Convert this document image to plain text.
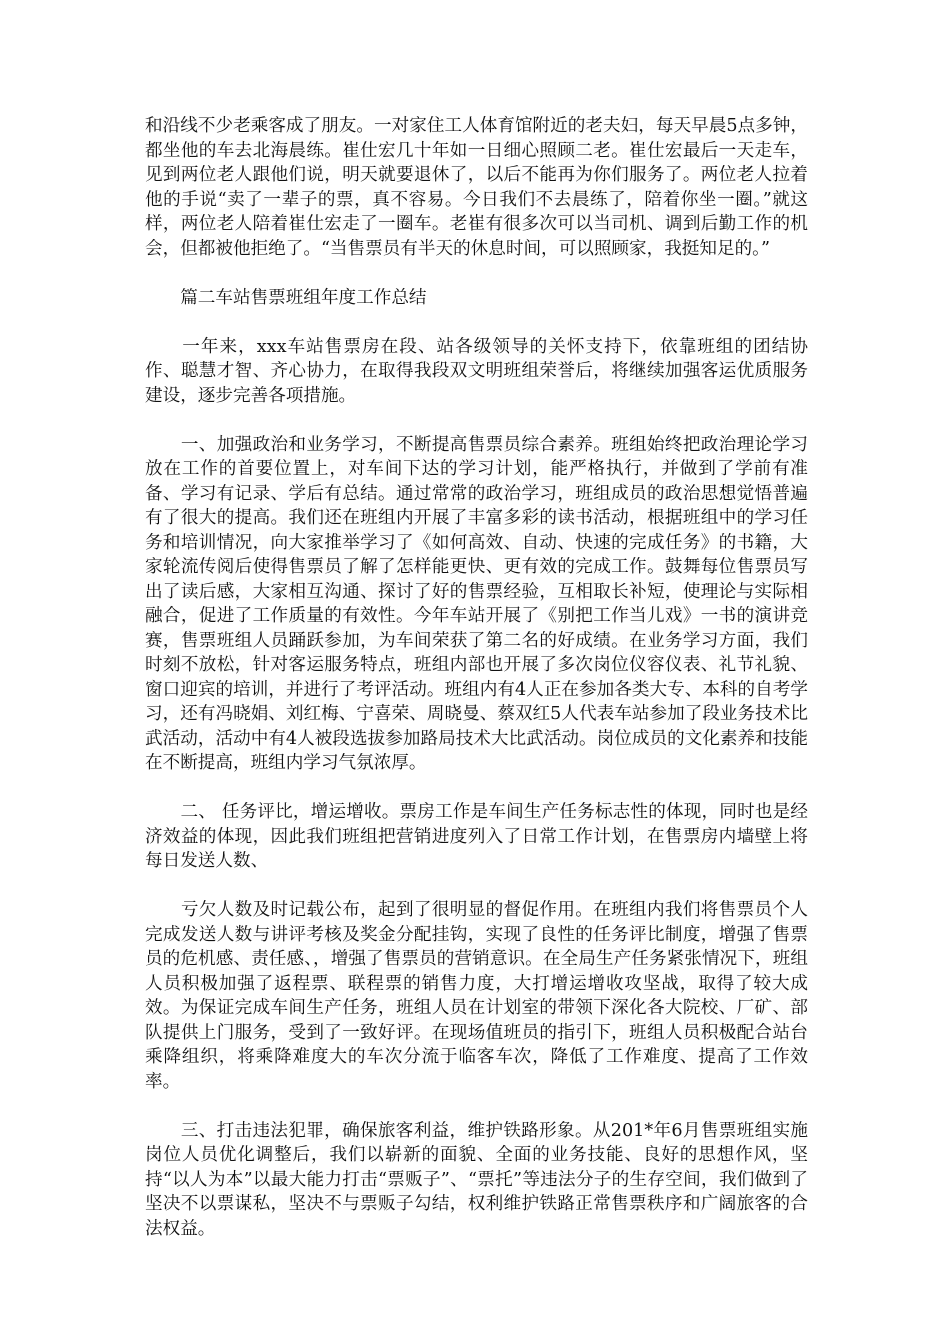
和沿线不少老乘客成了朋友。一对家住工人体育馆附近的老夫妇，每天早晨5点多钟，都坐他的车去北海晨练。崔仕宏几十年如一日细心照顾二老。崔仕宏最后一天走车，见到两位老人跟他们说，明天就要退休了，以后不能再为你们服务了。两位老人拉着他的手说“卖了一辈子的票，真不容易。今日我们不去晨练了，陪着你坐一圈。”就这样，两位老人陪着崔仕宏走了一圈车。老崔有很多次可以当司机、调到后勤工作的机会，但都被他拒绝了。“当售票员有半天的休息时间，可以照顾家，我挺知足的。”

　　篇二车站售票班组年度工作总结

　　一年来，xxx车站售票房在段、站各级领导的关怀支持下，依靠班组的团结协作、聪慧才智、齐心协力，在取得我段双文明班组荣誉后，将继续加强客运优质服务建设，逐步完善各项措施。

　　一、加强政治和业务学习，不断提高售票员综合素养。班组始终把政治理论学习放在工作的首要位置上，对车间下达的学习计划，能严格执行，并做到了学前有准备、学习有记录、学后有总结。通过常常的政治学习，班组成员的政治思想觉悟普遍有了很大的提高。我们还在班组内开展了丰富多彩的读书活动，根据班组中的学习任务和培训情况，向大家推举学习了《如何高效、自动、快速的完成任务》的书籍，大家轮流传阅后使得售票员了解了怎样能更快、更有效的完成工作。鼓舞每位售票员写出了读后感，大家相互沟通、探讨了好的售票经验，互相取长补短，使理论与实际相融合，促进了工作质量的有效性。今年车站开展了《别把工作当儿戏》一书的演讲竞赛，售票班组人员踊跃参加，为车间荣获了第二名的好成绩。在业务学习方面，我们时刻不放松，针对客运服务特点，班组内部也开展了多次岗位仪容仪表、礼节礼貌、窗口迎宾的培训，并进行了考评活动。班组内有4人正在参加各类大专、本科的自考学习，还有冯晓娟、刘红梅、宁喜荣、周晓曼、蔡双红5人代表车站参加了段业务技术比武活动，活动中有4人被段选拔参加路局技术大比武活动。岗位成员的文化素养和技能在不断提高，班组内学习气氛浓厚。

　　二、 任务评比，增运增收。票房工作是车间生产任务标志性的体现，同时也是经济效益的体现，因此我们班组把营销进度列入了日常工作计划，在售票房内墙壁上将每日发送人数、

　　亏欠人数及时记载公布，起到了很明显的督促作用。在班组内我们将售票员个人完成发送人数与讲评考核及奖金分配挂钩，实现了良性的任务评比制度，增强了售票员的危机感、责任感、，增强了售票员的营销意识。在全局生产任务紧张情况下，班组人员积极加强了返程票、联程票的销售力度，大打增运增收攻坚战，取得了较大成效。为保证完成车间生产任务，班组人员在计划室的带领下深化各大院校、厂矿、部队提供上门服务，受到了一致好评。在现场值班员的指引下，班组人员积极配合站台乘降组织，将乘降难度大的车次分流于临客车次，降低了工作难度、提高了工作效率。

　　三、打击违法犯罪，确保旅客利益，维护铁路形象。从201*年6月售票班组实施岗位人员优化调整后，我们以崭新的面貌、全面的业务技能、良好的思想作风，坚持“以人为本”以最大能力打击“票贩子”、“票托”等违法分子的生存空间，我们做到了坚决不以票谋私，坚决不与票贩子勾结，权利维护铁路正常售票秩序和广阔旅客的合法权益。
